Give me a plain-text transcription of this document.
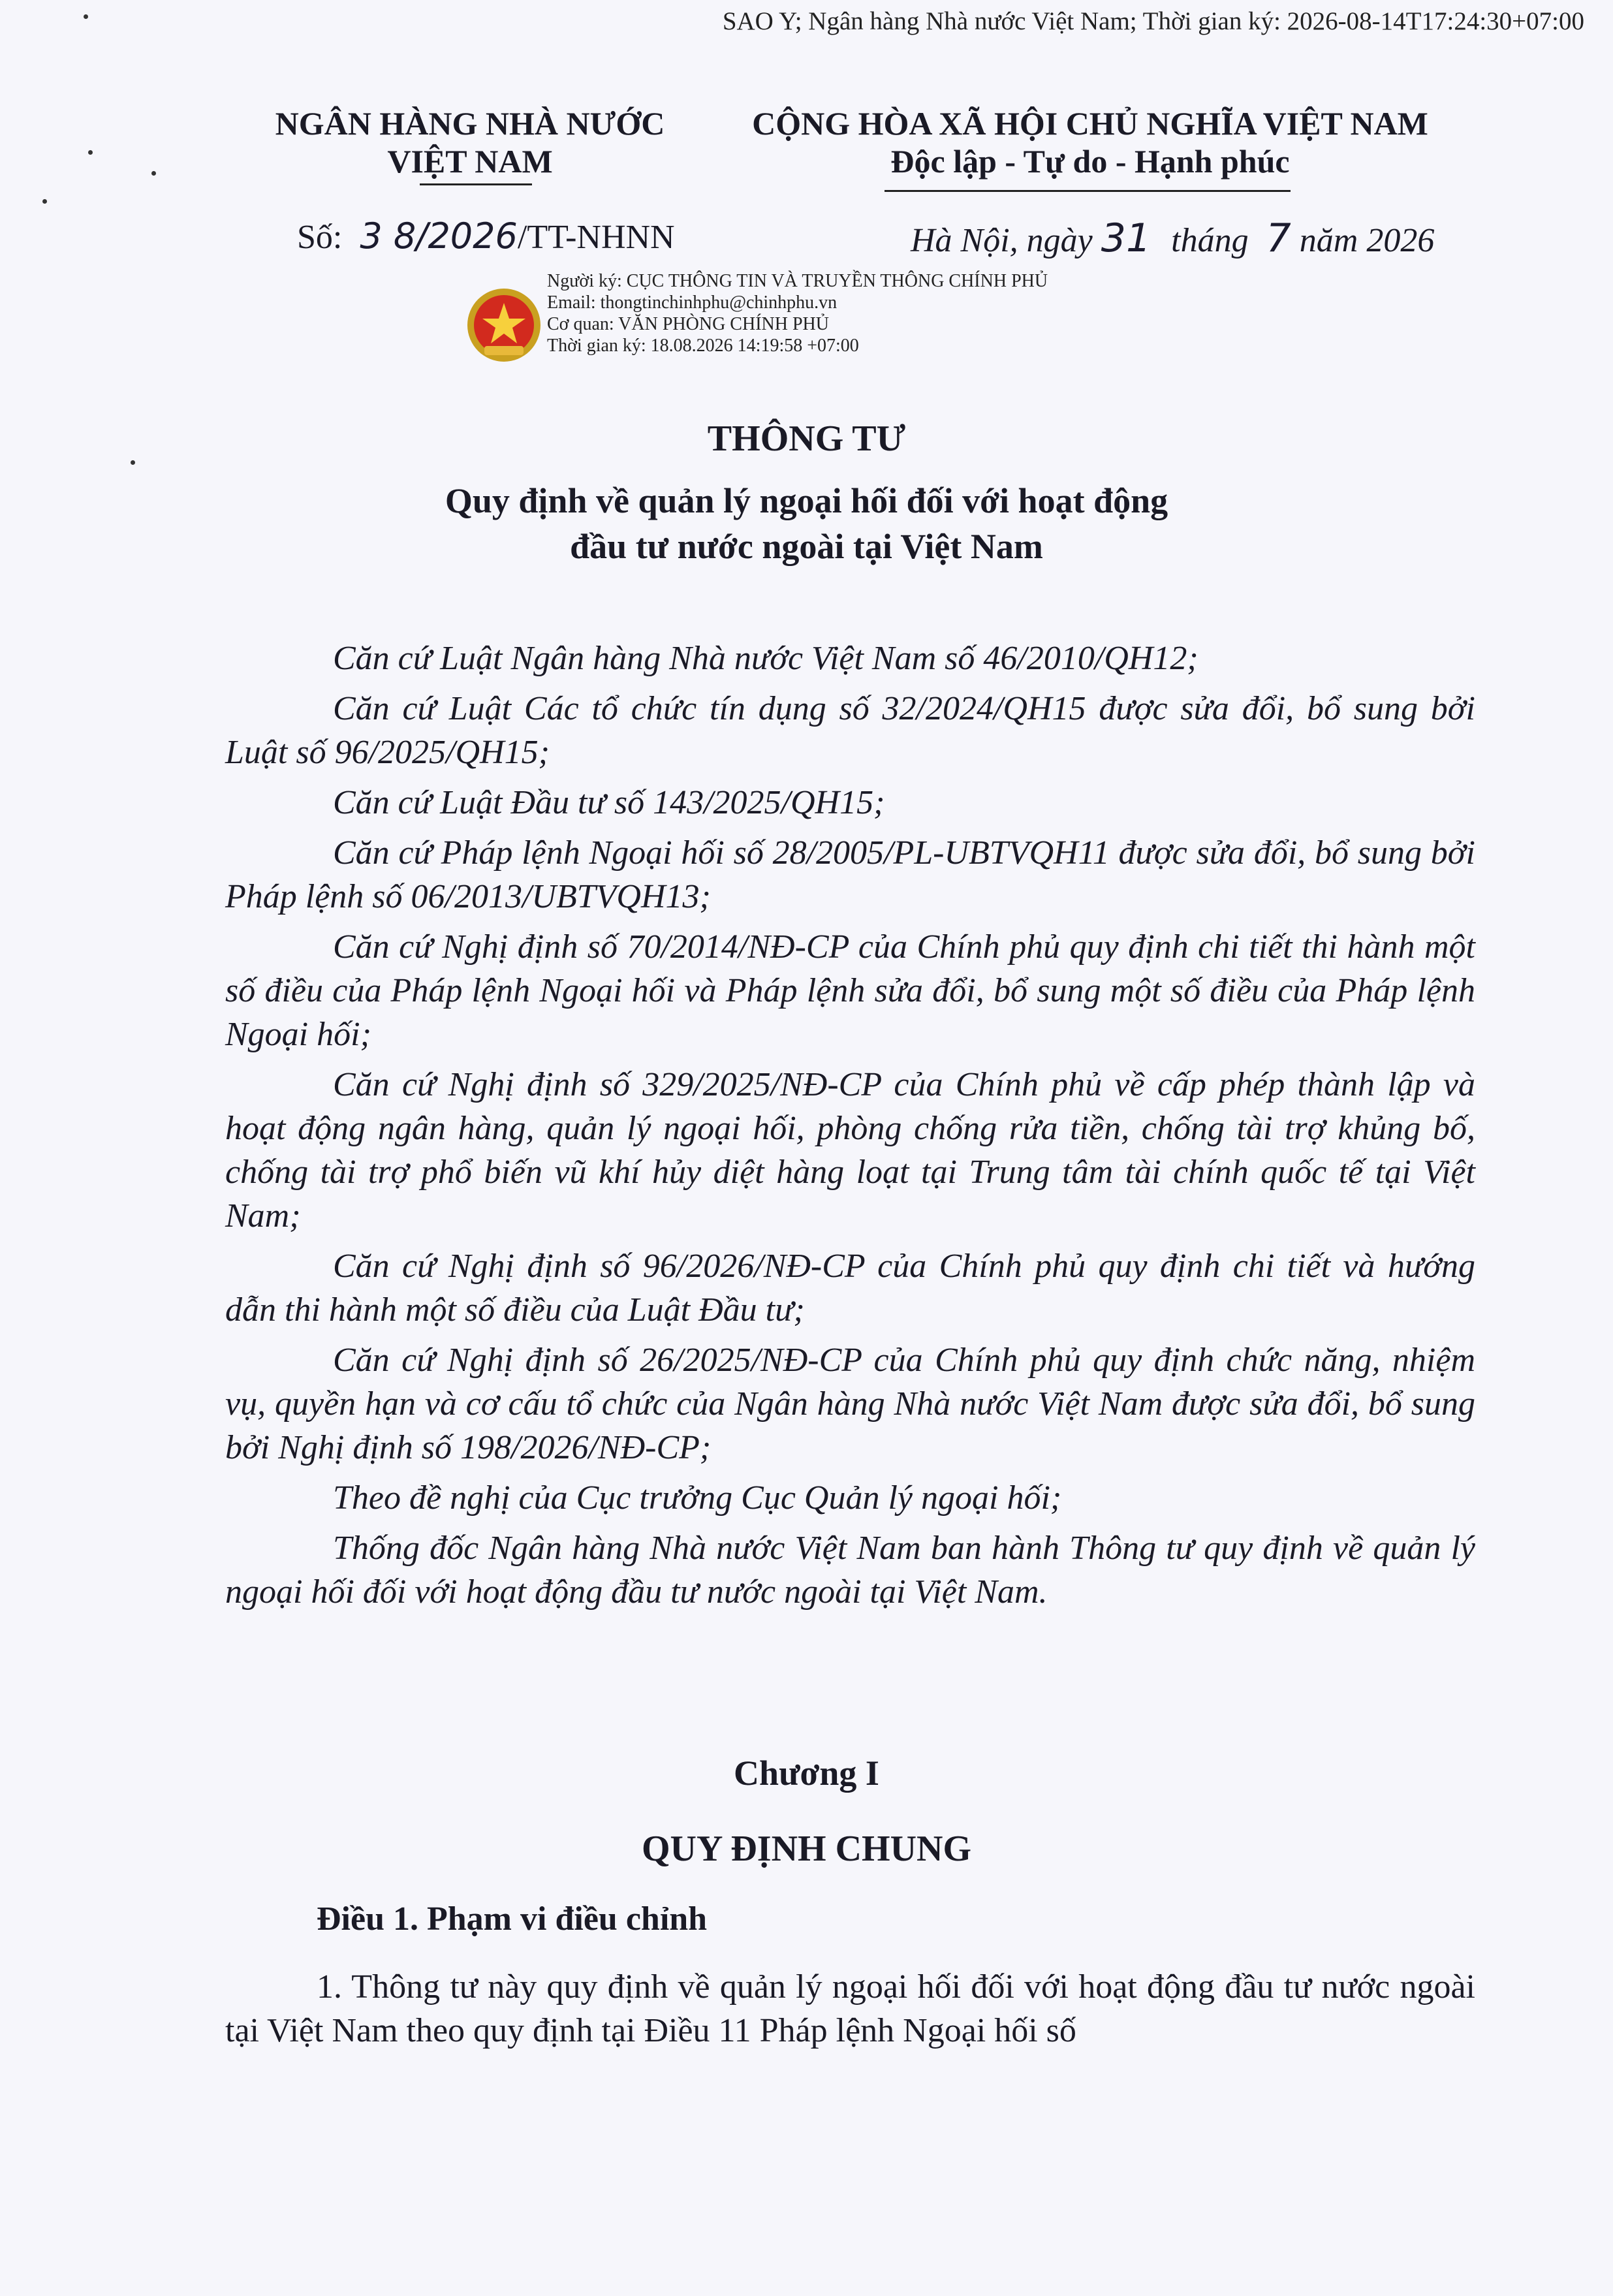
SAO Y; Ngân hàng Nhà nước Việt Nam; Thời gian ký: 2026-08-14T17:24:30+07:00
NGÂN HÀNG NHÀ NƯỚC
VIỆT NAM
CỘNG HÒA XÃ HỘI CHỦ NGHĨA VIỆT NAM
Độc lập - Tự do - Hạnh phúc
Số: 3 8/2026/TT-NHNN	Hà Nội, ngày 31 tháng 7 năm 2026
Người ký: CỤC THÔNG TIN VÀ TRUYỀN THÔNG CHÍNH PHỦ
Email: thongtinchinhphu@chinhphu.vn
Cơ quan: VĂN PHÒNG CHÍNH PHỦ
Thời gian ký: 18.08.2026 14:19:58 +07:00
THÔNG TƯ
Quy định về quản lý ngoại hối đối với hoạt động
đầu tư nước ngoài tại Việt Nam

Căn cứ Luật Ngân hàng Nhà nước Việt Nam số 46/2010/QH12;

Căn cứ Luật Các tổ chức tín dụng số 32/2024/QH15 được sửa đổi, bổ sung bởi Luật số 96/2025/QH15;

Căn cứ Luật Đầu tư số 143/2025/QH15;

Căn cứ Pháp lệnh Ngoại hối số 28/2005/PL-UBTVQH11 được sửa đổi, bổ sung bởi Pháp lệnh số 06/2013/UBTVQH13;

Căn cứ Nghị định số 70/2014/NĐ-CP của Chính phủ quy định chi tiết thi hành một số điều của Pháp lệnh Ngoại hối và Pháp lệnh sửa đổi, bổ sung một số điều của Pháp lệnh Ngoại hối;

Căn cứ Nghị định số 329/2025/NĐ-CP của Chính phủ về cấp phép thành lập và hoạt động ngân hàng, quản lý ngoại hối, phòng chống rửa tiền, chống tài trợ khủng bố, chống tài trợ phổ biến vũ khí hủy diệt hàng loạt tại Trung tâm tài chính quốc tế tại Việt Nam;

Căn cứ Nghị định số 96/2026/NĐ-CP của Chính phủ quy định chi tiết và hướng dẫn thi hành một số điều của Luật Đầu tư;

Căn cứ Nghị định số 26/2025/NĐ-CP của Chính phủ quy định chức năng, nhiệm vụ, quyền hạn và cơ cấu tổ chức của Ngân hàng Nhà nước Việt Nam được sửa đổi, bổ sung bởi Nghị định số 198/2026/NĐ-CP;

Theo đề nghị của Cục trưởng Cục Quản lý ngoại hối;

Thống đốc Ngân hàng Nhà nước Việt Nam ban hành Thông tư quy định về quản lý ngoại hối đối với hoạt động đầu tư nước ngoài tại Việt Nam.

Chương I
QUY ĐỊNH CHUNG
Điều 1. Phạm vi điều chỉnh
1. Thông tư này quy định về quản lý ngoại hối đối với hoạt động đầu tư nước ngoài tại Việt Nam theo quy định tại Điều 11 Pháp lệnh Ngoại hối số
